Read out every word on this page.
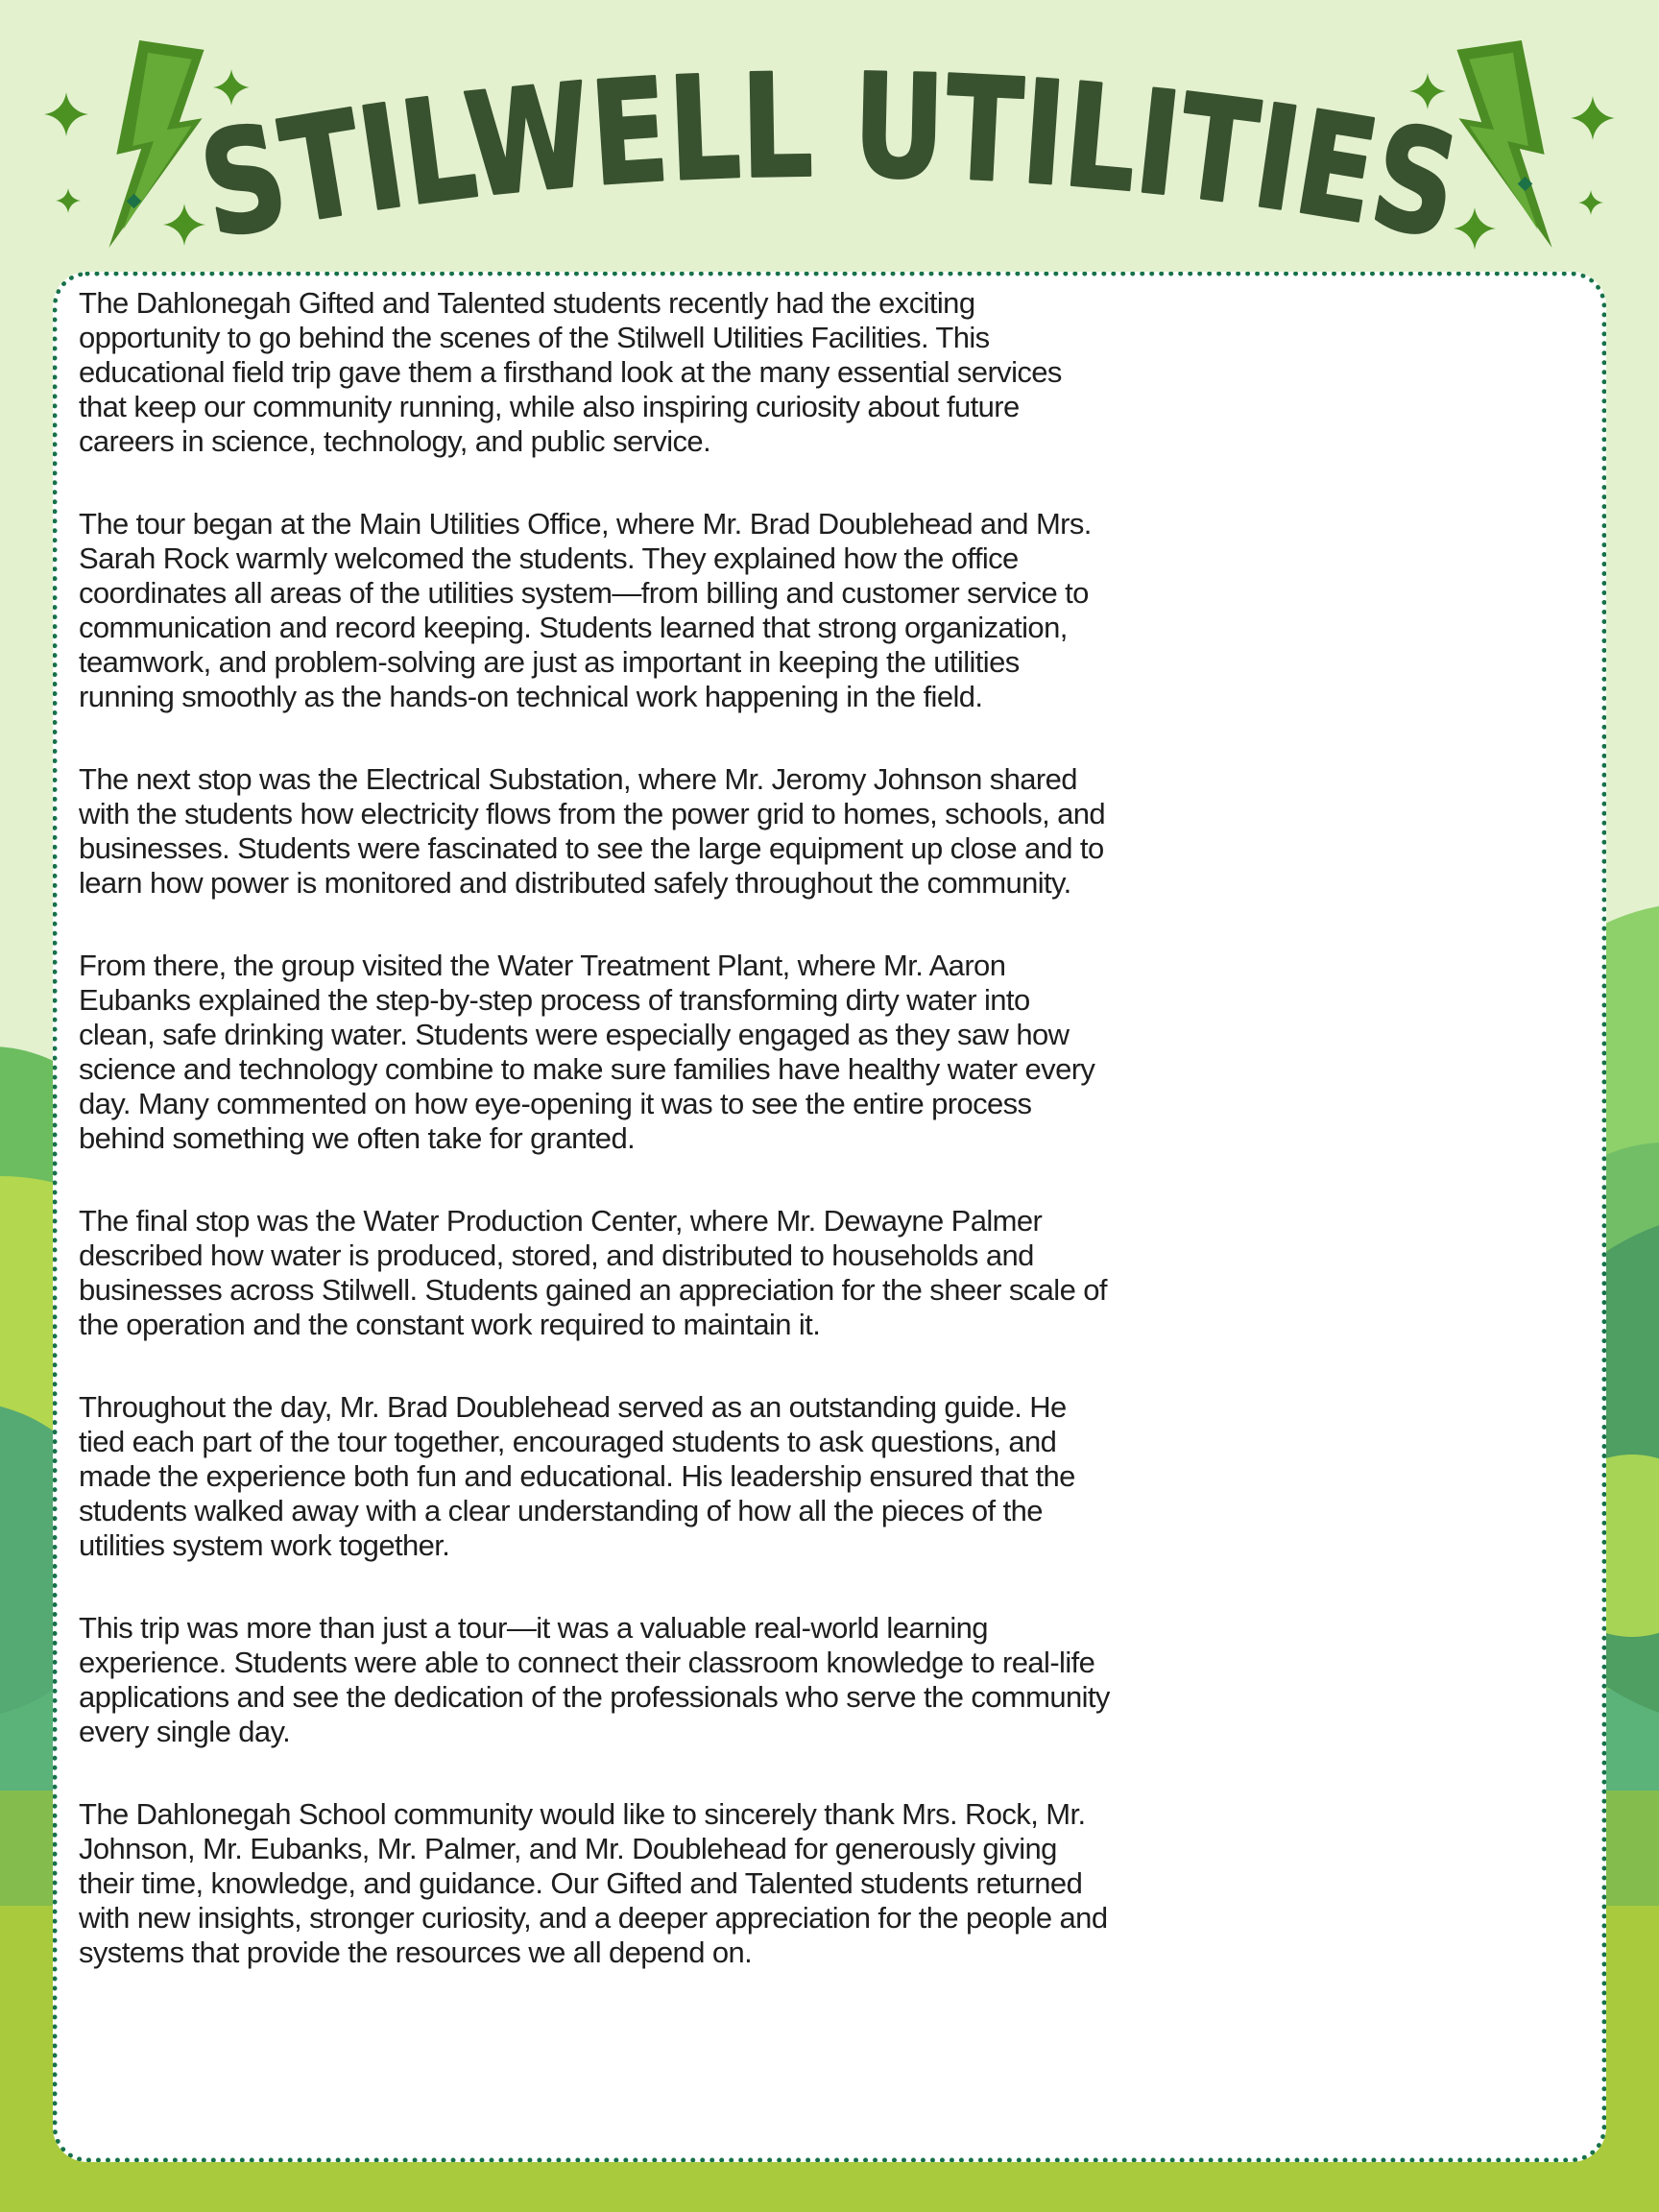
STILWELL UTILITIES

The Dahlonegah Gifted and Talented students recently had the exciting opportunity to go behind the scenes of the Stilwell Utilities Facilities. This educational field trip gave them a firsthand look at the many essential services that keep our community running, while also inspiring curiosity about future careers in science, technology, and public service.

The tour began at the Main Utilities Office, where Mr. Brad Doublehead and Mrs. Sarah Rock warmly welcomed the students. They explained how the office coordinates all areas of the utilities system—from billing and customer service to communication and record keeping. Students learned that strong organization, teamwork, and problem-solving are just as important in keeping the utilities running smoothly as the hands-on technical work happening in the field.

The next stop was the Electrical Substation, where Mr. Jeromy Johnson shared with the students how electricity flows from the power grid to homes, schools, and businesses. Students were fascinated to see the large equipment up close and to learn how power is monitored and distributed safely throughout the community.

From there, the group visited the Water Treatment Plant, where Mr. Aaron Eubanks explained the step-by-step process of transforming dirty water into clean, safe drinking water. Students were especially engaged as they saw how science and technology combine to make sure families have healthy water every day. Many commented on how eye-opening it was to see the entire process behind something we often take for granted.

The final stop was the Water Production Center, where Mr. Dewayne Palmer described how water is produced, stored, and distributed to households and businesses across Stilwell. Students gained an appreciation for the sheer scale of the operation and the constant work required to maintain it.

Throughout the day, Mr. Brad Doublehead served as an outstanding guide. He tied each part of the tour together, encouraged students to ask questions, and made the experience both fun and educational. His leadership ensured that the students walked away with a clear understanding of how all the pieces of the utilities system work together.

This trip was more than just a tour—it was a valuable real-world learning experience. Students were able to connect their classroom knowledge to real-life applications and see the dedication of the professionals who serve the community every single day.

The Dahlonegah School community would like to sincerely thank Mrs. Rock, Mr. Johnson, Mr. Eubanks, Mr. Palmer, and Mr. Doublehead for generously giving their time, knowledge, and guidance. Our Gifted and Talented students returned with new insights, stronger curiosity, and a deeper appreciation for the people and systems that provide the resources we all depend on.
